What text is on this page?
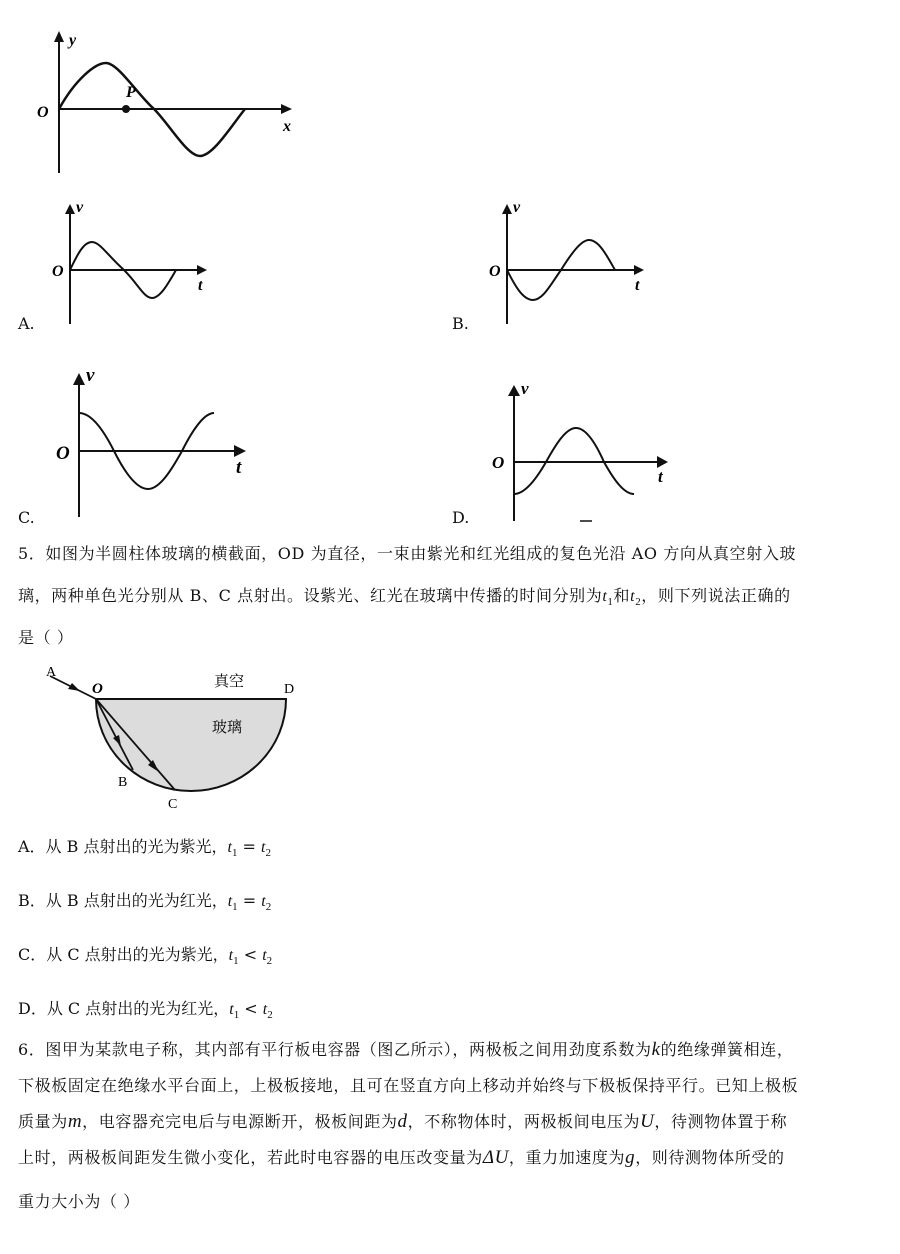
y
x
O
P
v
t
O
A.
v
t
O
B.
v
t
O
C.
v
t
O
D.
5．如图为半圆柱体玻璃的横截面，OD 为直径，一束由紫光和红光组成的复色光沿 AO 方向从真空射入玻
璃，两种单色光分别从 B、C 点射出。设紫光、红光在玻璃中传播的时间分别为$t_1$和$t_2$，则下列说法正确的
是（ ）
A
O	D
B
C
真空
玻璃
A．从 B 点射出的光为紫光，$t_1 = t_2$
B．从 B 点射出的光为红光，$t_1 = t_2$
C．从 C 点射出的光为紫光，$t_1 < t_2$
D．从 C 点射出的光为红光，$t_1 < t_2$
6．图甲为某款电子称，其内部有平行板电容器（图乙所示），两极板之间用劲度系数为k的绝缘弹簧相连，
下极板固定在绝缘水平台面上，上极板接地，且可在竖直方向上移动并始终与下极板保持平行。已知上极板
质量为m，电容器充完电后与电源断开，极板间距为d，不称物体时，两极板间电压为U，待测物体置于称
上时，两极板间距发生微小变化，若此时电容器的电压改变量为ΔU，重力加速度为g，则待测物体所受的
重力大小为（ ）
